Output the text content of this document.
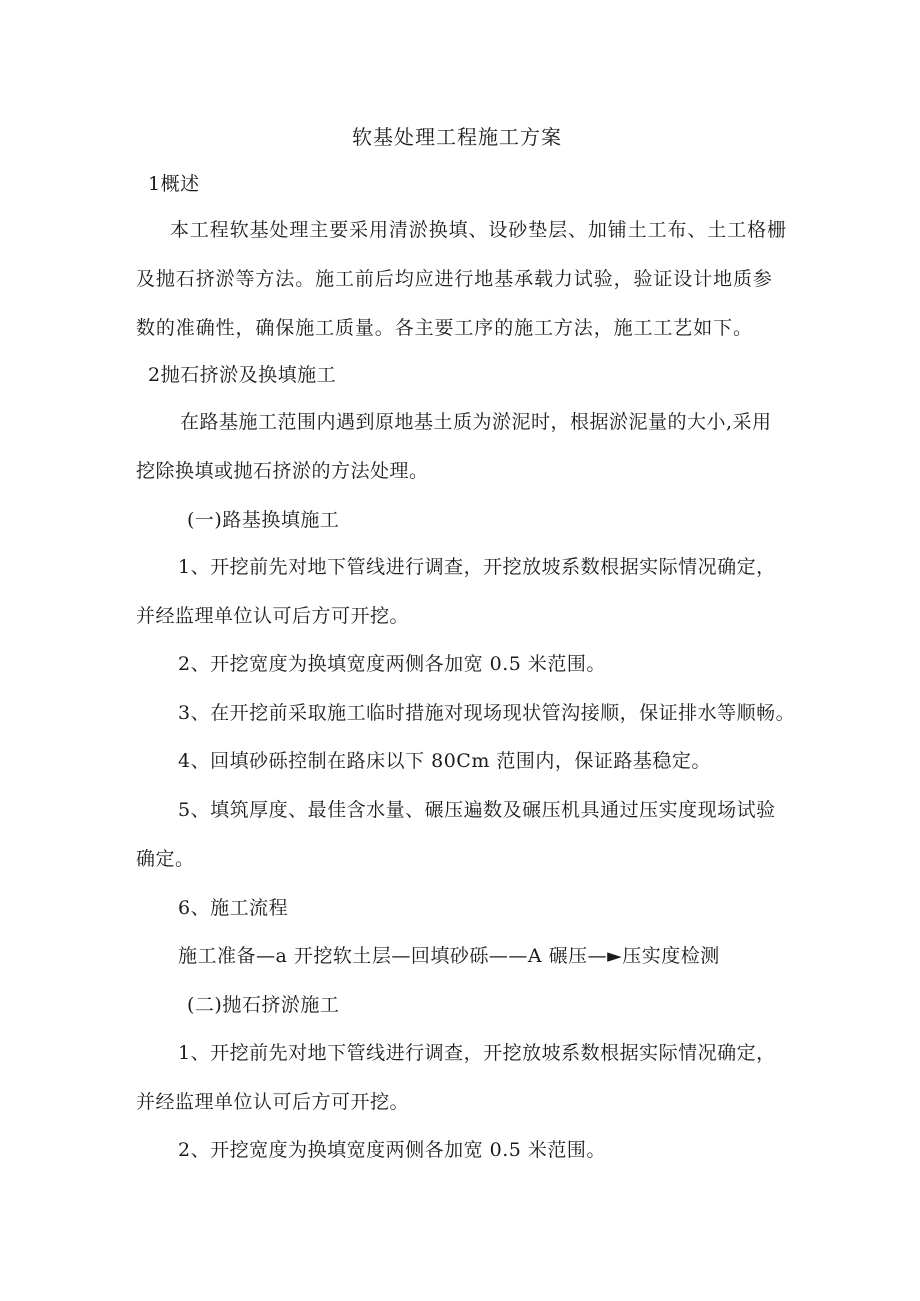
软基处理工程施工方案
1概述
本工程软基处理主要采用清淤换填、设砂垫层、加铺土工布、土工格栅
及抛石挤淤等方法。施工前后均应进行地基承载力试验，验证设计地质参
数的准确性，确保施工质量。各主要工序的施工方法，施工工艺如下。
2抛石挤淤及换填施工
在路基施工范围内遇到原地基土质为淤泥时，根据淤泥量的大小,采用
挖除换填或抛石挤淤的方法处理。
(一)路基换填施工
1、开挖前先对地下管线进行调查，开挖放坡系数根据实际情况确定，
并经监理单位认可后方可开挖。
2、开挖宽度为换填宽度两侧各加宽 0.5 米范围。
3、在开挖前采取施工临时措施对现场现状管沟接顺，保证排水等顺畅。
4、回填砂砾控制在路床以下 80Cm 范围内，保证路基稳定。
5、填筑厚度、最佳含水量、碾压遍数及碾压机具通过压实度现场试验
确定。
6、施工流程
施工准备—a 开挖软土层—回填砂砾——A 碾压—►压实度检测
(二)抛石挤淤施工
1、开挖前先对地下管线进行调查，开挖放坡系数根据实际情况确定，
并经监理单位认可后方可开挖。
2、开挖宽度为换填宽度两侧各加宽 0.5 米范围。
